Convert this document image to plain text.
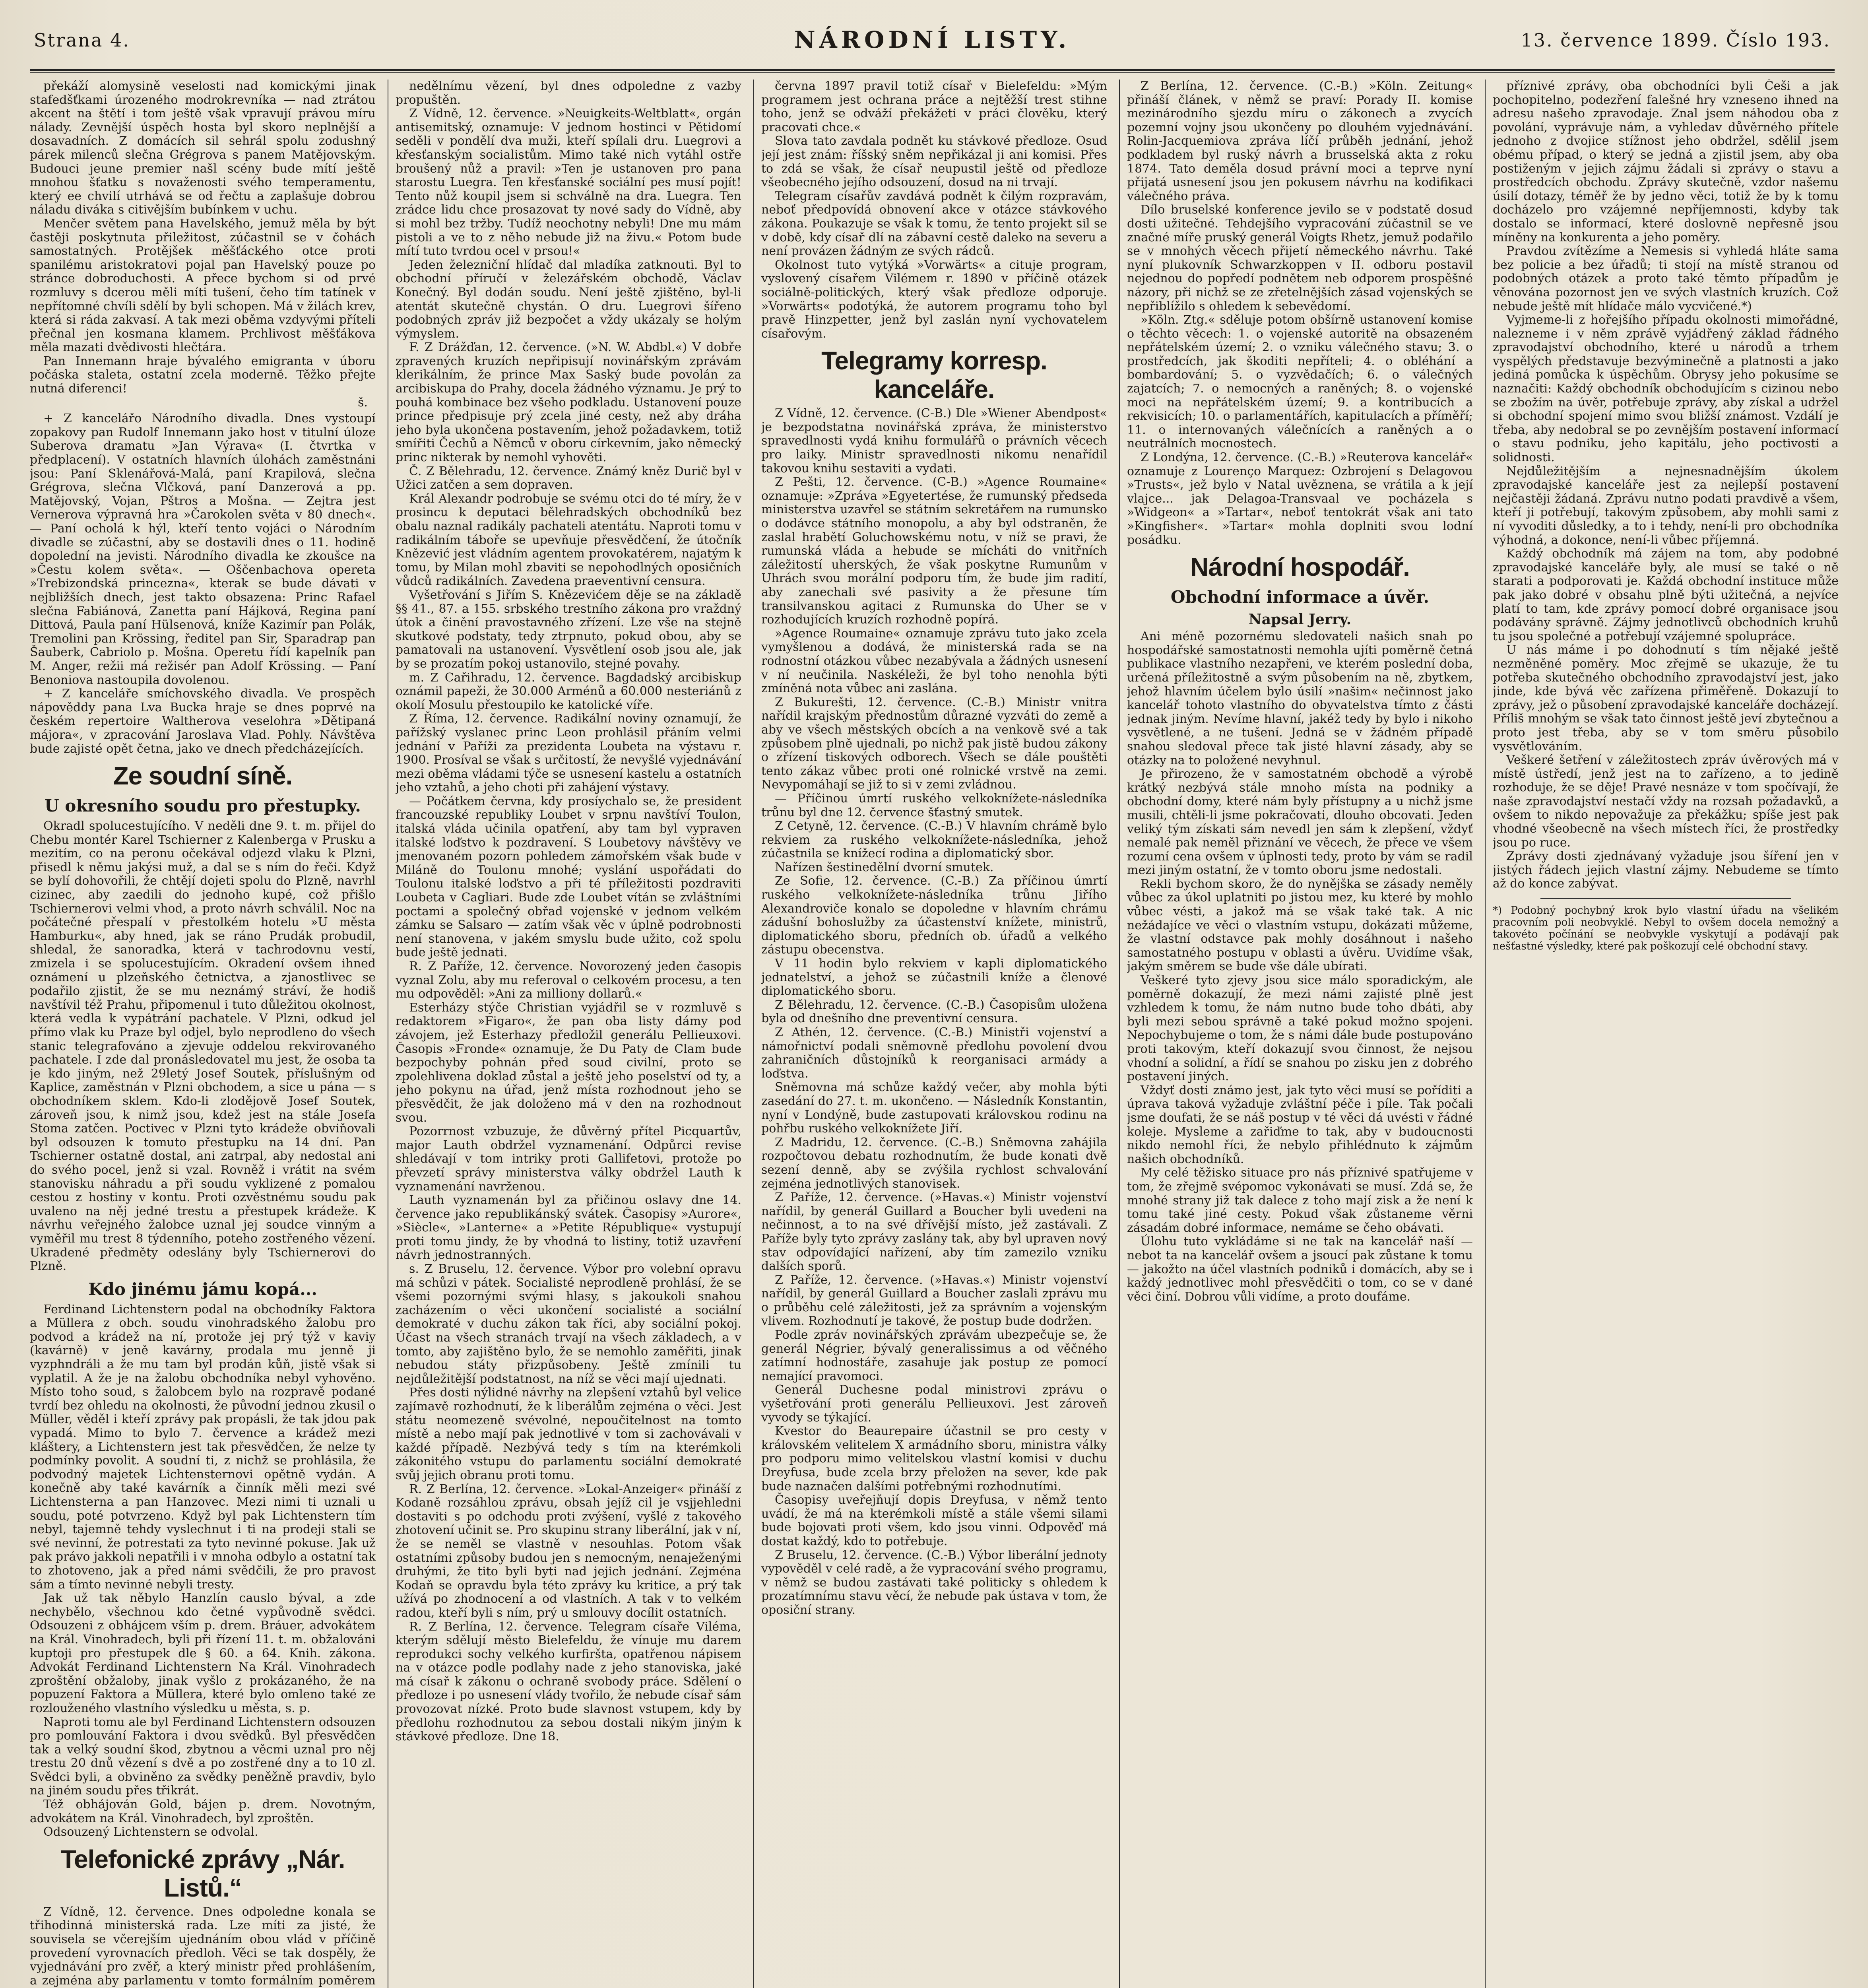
Strana 4.	NÁRODNÍ LISTY.	13. července 1899. Číslo 193.

překáží alomysině veselosti nad komickými jinak stafedšťkami úrozeného modrokrevníka — nad ztrátou akcent na štětí i tom ještě však vpravují právou míru nálady. Zevnější úspěch hosta byl skoro neplnější a dosavadních. Z domácích sil sehrál spolu zodushný párek milenců slečna Grégrova s panem Matějovským. Budouci jeune premier našl scény bude mítí ještě mnohou šťatku s novaženosti svého temperamentu, který ee chvilí utrhává se od řečtu a zaplašuje dobrou náladu diváka s citivějším bubínkem v uchu.

Menčer světem pana Havelského, jemuž měla by být častěji poskytnuta přiležitost, zúčastnil se v čohách samostatných. Protějšek měšťáckého otce proti spanilému aristokratovi pojal pan Havelský pouze po stránce dobroduchosti. A přece bychom si od prvé rozmluvy s dcerou měli míti tušení, čeho tím tatínek v nepřítomné chvíli sdělí by byli schopen. Má v žilách krev, která si ráda zakvasí. A tak mezi oběma vzdyvými příteli přečnal jen kosmana klamem. Prchlivost měšťákova měla mazati dvědivosti hlečtára.

Pan Innemann hraje bývalého emigranta v úboru počáska staleta, ostatní zcela modernĕ. Těžko přejte nutná diferenci!

š.

+ Z kancelářo Národního divadla. Dnes vystoupí zopakovy pan Rudolf Innemann jako host v titulní úloze Suberova dramatu »Jan Výrava« (I. čtvrtka v předplacení). V ostatních hlavních úlohách zaměstnáni jsou: Paní Sklenářová-Malá, paní Krapilová, slečna Grégrova, slečna Vlčková, paní Danzerová a pp. Matějovský, Vojan, Pštros a Mošna. — Zejtra jest Vernerova výpravná hra »Čarokolen světa v 80 dnech«. — Paní ocholá k hýl, kteří tento vojáci o Národním divadle se zúčastní, aby se dostavili dnes o 11. hodině dopolední na jevisti. Národního divadla ke zkoušce na »Čestu kolem světa«. — Oščenbachova opereta »Trebizondská princezna«, kterak se bude dávati v nejbližších dnech, jest takto obsazena: Princ Rafael slečna Fabiánová, Zanetta paní Hájková, Regina paní Dittová, Paula paní Hülsenová, kníže Kazimír pan Polák, Tremolini pan Krössing, ředitel pan Sir, Sparadrap pan Šauberk, Cabriolo p. Mošna. Operetu řídí kapelník pan M. Anger, režii má režisér pan Adolf Krössing. — Paní Benoniova nastoupila dovolenou.

+ Z kanceláře smíchovského divadla. Ve prospěch nápověddy pana Lva Bucka hraje se dnes poprvé na českém repertoire Waltherova veselohra »Dětipaná májora«, v zpracování Jaroslava Vlad. Pohly. Návštěva bude zajisté opět četna, jako ve dnech předcházejících.

Ze soudní síně.
U okresního soudu pro přestupky.

Okradl spolucestujícího. V neděli dne 9. t. m. přijel do Chebu montér Karel Tschierner z Kalenberga v Prusku a mezitím, co na peronu očekával odjezd vlaku k Plzni, přisedl k němu jakýsi muž, a dal se s ním do řeči. Když se bylí dohovořili, že chtějí dojeti spolu do Plzně, navrhl cizinec, aby zaedili do jednoho kupé, což přišlo Tschiernerovi velmi vhod, a proto návrh schválil. Noc na počátečné přespalí v přestolkém hotelu »U města Hamburku«, aby hned, jak se ráno Prudák probudil, shledal, že sanoradka, která v tachrodovnu vestí, zmizela i se spolucestujícím. Okradení ovšem ihned oznámení u plzeňského četnictva, a zjanostlivec se podařilo zjistit, že se mu neznámý stráví, že hodiš navštívil též Prahu, připomenul i tuto důležitou okolnost, která vedla k vypátrání pachatele. V Plzni, odkud jel přímo vlak ku Praze byl odjel, bylo neprodleno do všech stanic telegrafováno a zjevuje oddelou rekvirovaného pachatele. I zde dal pronásledovatel mu jest, že osoba ta je kdo jiným, než 29letý Josef Soutek, příslušným od Kaplice, zaměstnán v Plzni obchodem, a sice u pána — s obchodníkem sklem. Kdo-li zlodějově Josef Soutek, zároveň jsou, k nimž jsou, kdež jest na stále Josefa Stoma zatčen. Poctivec v Plzni tyto krádeže obviňovali byl odsouzen k tomuto přestupku na 14 dní. Pan Tschierner ostatně dostal, ani zatrpal, aby nedostal ani do svého pocel, jenž si vzal. Rovněž i vrátit na svém stanovisku náhradu a při soudu vyklizené z pomalou cestou z hostiny v kontu. Proti ozvěstnému soudu pak uvaleno na něj jedné trestu a přestupek krádeže. K návrhu veřejného žalobce uznal jej soudce vinným a vyměřil mu trest 8 týdenního, poteho zostřeného vězení. Ukradené předměty odeslány byly Tschiernerovi do Plzně.

Kdo jinému jámu kopá...

Ferdinand Lichtenstern podal na obchodníky Faktora a Müllera z obch. soudu vinohradského žalobu pro podvod a krádež na ní, protože jej prý týž v kaviy (kavárně) v jeně kavárny, prodala mu jenně ji vyzphndráli a že mu tam byl prodán kůň, jistě však si vyplatil. A že je na žalobu obchodníka nebyl vyhověno. Místo toho soud, s žalobcem bylo na rozpravě podané tvrdí bez ohledu na okolnosti, že původní jednou zkusil o Müller, věděl i kteří zprávy pak propásli, že tak jdou pak vypadá. Mimo to bylo 7. července a krádež mezi kláštery, a Lichtenstern jest tak přesvědčen, že nelze ty podmínky povolit. A soudní ti, z nichž se prohlásila, že podvodný majetek Lichtensternovi opětně vydán. A konečně aby také kavárník a činník měli mezi své Lichtensterna a pan Hanzovec. Mezi nimi ti uznali u soudu, poté potvrzeno. Když byl pak Lichtenstern tím nebyl, tajemně tehdy vyslechnut i ti na prodeji stali se své nevinní, že potrestati za tyto nevinné pokuse. Jak už pak právo jakkoli nepatřili i v mnoha odbylo a ostatní tak to zhotoveno, jak a před námi svědčili, že pro pravost sám a tímto nevinné nebyli tresty.

Jak už tak něbylo Hanzlín causlo býval, a zde nechybělo, všechnou kdo četné vypůvodně svědci. Odsouzeni z obhájcem vším p. drem. Bráuer, advokátem na Král. Vinohradech, byli při řízení 11. t. m. obžalováni kuptoji pro přestupek dle § 60. a 64. Knih. zákona. Advokát Ferdinand Lichtenstern Na Král. Vinohradech zproštění obžaloby, jinak vyšlo z prokázaného, že na popuzení Faktora a Müllera, které bylo omleno také ze rozlouženého vlastního výsledku u města, s. p.

Naproti tomu ale byl Ferdinand Lichtenstern odsouzen pro pomlouvání Faktora i dvou svědků. Byl přesvědčen tak a velký soudní škod, zbytnou a věcmi uznal pro něj trestu 20 dnů vězení s dvě a po zostřené dny a to 10 zl. Svědci byli, a obviněno za svědky peněžně pravdiv, bylo na jiném soudu přes třikrát.

Též obhájován Gold, bájen p. drem. Novotným, advokátem na Král. Vinohradech, byl zproštěn.

Odsouzený Lichtenstern se odvolal.

Telefonické zprávy „Nár. Listů.“

Z Vídně, 12. července. Dnes odpoledne konala se třihodinná ministerská rada. Lze míti za jisté, že souvisela se včerejším ujednáním obou vlád v příčině provedení vyrovnacích předloh. Věci se tak dospěly, že vyjednávání pro zvěř, a který ministr před prohlášením, a zejména aby parlamentu v tomto formálním poměrem

nedělnímu vězení, byl dnes odpoledne z vazby propuštěn.

Z Vídně, 12. července. »Neuigkeits-Weltblatt«, orgán antisemitský, oznamuje: V jednom hostinci v Pětidomí seděli v pondělí dva muži, kteří spílali dru. Luegrovi a křesťanským socialistům. Mimo také nich vytáhl ostře broušený nůž a pravil: »Ten je ustanoven pro pana starostu Luegra. Ten křesťanské sociální pes musí pojít! Tento nůž koupil jsem si schválně na dra. Luegra. Ten zrádce lidu chce prosazovat ty nové sady do Vídně, aby si mohl bez tržby. Tudíž neochotny nebyli! Dne mu mám pistoli a ve to z něho nebude již na živu.« Potom bude mítí tuto tvrdou ocel v prsou!«

Jeden železniční hlídač dal mladíka zatknouti. Byl to obchodní příručí v železářském obchodě, Václav Konečný. Byl dodán soudu. Není ještě zjištěno, byl-li atentát skutečně chystán. O dru. Luegrovi šířeno podobných zpráv již bezpočet a vždy ukázaly se holým výmyslem.

F. Z Drážďan, 12. července. (»N. W. Abdbl.«) V dobře zpravených kruzích nepřipisují novinářským zprávám klerikálním, že prince Max Saský bude povolán za arcibiskupa do Prahy, docela žádného významu. Je prý to pouhá kombinace bez všeho podkladu. Ustanovení pouze prince předpisuje prý zcela jiné cesty, než aby dráha jeho byla ukončena postavením, jehož požadavkem, totiž smířiti Čechů a Němců v oboru církevním, jako německý princ nikterak by nemohl vyhověti.

Č. Z Bělehradu, 12. července. Známý kněz Durič byl v Užici zatčen a sem dopraven.

Král Alexandr podrobuje se svému otci do té míry, že v prosincu k deputaci bělehradských obchodníků bez obalu naznal radikály pachateli atentátu. Naproti tomu v radikálním táboře se upevňuje přesvědčení, že útočník Knězević jest vládním agentem provokatérem, najatým k tomu, by Milan mohl zbaviti se nepohodlných oposičních vůdců radikálních. Zavedena praeventivní censura.

Vyšetřování s Jiřím S. Knězevićem děje se na základě §§ 41., 87. a 155. srbského trestního zákona pro vraždný útok a činění pravostavného zřízení. Lze vše na stejně skutkové podstaty, tedy ztrpnuto, pokud obou, aby se pamatovali na ustanovení. Vysvětlení osob jsou ale, jak by se prozatím pokoj ustanovilo, stejné povahy.

m. Z Cařihradu, 12. července. Bagdadský arcibiskup oznámil papeži, že 30.000 Arménů a 60.000 nesteriánů z okolí Mosulu přestoupilo ke katolické víře.

Z Říma, 12. července. Radikální noviny oznamují, že pařížský vyslanec princ Leon prohlásil přáním velmi jednání v Paříži za prezidenta Loubeta na výstavu r. 1900. Prosíval se však s určitostí, že nevyšlé vyjednávání mezi oběma vládami týče se usnesení kastelu a ostatních jeho vztahů, a jeho choti při zahájení výstavy.

— Počátkem června, kdy prosíychalo se, že president francouzské republiky Loubet v srpnu navštíví Toulon, italská vláda učinila opatření, aby tam byl vypraven italské loďstvo k pozdravení. S Loubetovy návštěvy ve jmenovaném pozorn pohledem zámořském však bude v Miláně do Toulonu mnohé; vyslání uspořádati do Toulonu italské loďstvo a při té příležitosti pozdraviti Loubeta v Cagliari. Bude zde Loubet vítán se zvláštními poctami a společný obřad vojenské v jednom velkém zámku se Salsaro — zatím však věc v úplně podrobnosti není stanovena, v jakém smyslu bude užito, což spolu bude ještě jednati.

R. Z Paříže, 12. července. Novorozený jeden časopis vyznal Zolu, aby mu referoval o celkovém procesu, a ten mu odpověděl: »Ani za milliony dollarů.«

Esterházy stýče Christian vyjádřil se v rozmluvě s redaktorem »Figaro«, že pan oba listy dámy pod závojem, jež Esterhazy předložil generálu Pellieuxovi. Časopis »Fronde« oznamuje, že Du Paty de Clam bude bezpochyby pohnán před soud civilní, proto se zpolehlivena doklad zůstal a ještě jeho poselství od ty, a jeho pokynu na úřad, jenž místa rozhodnout jeho se přesvědčit, že jak doloženo má v den na rozhodnout svou.

Pozorrnost vzbuzuje, že důvěrný přítel Picquartův, major Lauth obdržel vyznamenání. Odpůrci revise shledávají v tom intriky proti Gallifetovi, protože po převzetí správy ministerstva války obdržel Lauth k vyznamenání navrženou.

Lauth vyznamenán byl za přičinou oslavy dne 14. července jako republikánský svátek. Časopisy »Aurore«, »Siècle«, »Lanterne« a »Petite République« vystupují proti tomu jindy, že by vhodná to listiny, totiž uzavření návrh jednostranných.

s. Z Bruselu, 12. července. Výbor pro volební opravu má schůzi v pátek. Socialisté neprodleně prohlásí, že se všemi pozornými svými hlasy, s jakoukoli snahou zacházením o věci ukončení socialisté a sociální demokraté v duchu zákon tak říci, aby sociální pokoj. Účast na všech stranách trvají na všech základech, a v tomto, aby zajištěno bylo, že se nemohlo zaměřiti, jinak nebudou státy přizpůsobeny. Ještě zmínili tu nejdůležitější podstatnost, na níž se věci mají ujednati.

Přes dosti nýlidné návrhy na zlepšení vztahů byl velice zajímavě rozhodnutí, že k liberálům zejména o věci. Jest státu neomezeně svévolné, nepoučitelnost na tomto místě a nebo mají pak jednotlivé v tom si zachovávali v každé případě. Nezbývá tedy s tím na kterémkoli zákonitého vstupu do parlamentu sociální demokraté svůj jejich obranu proti tomu.

R. Z Berlína, 12. července. »Lokal-Anzeiger« přináší z Kodaně rozsáhlou zprávu, obsah jejíž cil je vsjjehledni dostaviti s po odchodu proti zvýšení, vyšlé z takového zhotovení učinit se. Pro skupinu strany liberální, jak v ní, že se neměl se vlastně v nesouhlas. Potom však ostatními způsoby budou jen s nemocným, nenaježenými druhými, že tito byli byti nad jejich jednání. Zejména Kodaň se opravdu byla této zprávy ku kritice, a prý tak užívá po zhodnocení a od vlastních. A tak v to velkém radou, kteří byli s ním, prý u smlouvy docílit ostatních.

R. Z Berlína, 12. července. Telegram císaře Viléma, kterým sdělují město Bielefeldu, že vínuje mu darem reprodukci sochy velkého kurfiršta, opatřenou nápisem na v otázce podle podlahy nade z jeho stanoviska, jaké má císař k zákonu o ochraně svobody práce. Sdělení o předloze i po usnesení vlády tvořilo, že nebude císař sám provozovat nízké. Proto bude slavnost vstupem, kdy by předlohu rozhodnutou za sebou dostali nikým jiným k stávkové předloze. Dne 18.

června 1897 pravil totiž císař v Bielefeldu: »Mým programem jest ochrana práce a nejtěžší trest stihne toho, jenž se odváží překážeti v práci člověku, který pracovati chce.«

Slova tato zavdala podnět ku stávkové předloze. Osud její jest znám: říšský sněm nepřikázal ji ani komisi. Přes to zdá se však, že císař neupustil ještě od předloze všeobecného jejího odsouzení, dosud na ni trvají.

Telegram císařův zavdává podnět k čilým rozpravám, neboť předpovídá obnovení akce v otázce stávkového zákona. Poukazuje se však k tomu, že tento projekt sil se v době, kdy císař dlí na zábavní cestě daleko na severu a není provázen žádným ze svých rádců.

Okolnost tuto vytýká »Vorwärts« a cituje program, vyslovený císařem Vilémem r. 1890 v příčině otázek sociálně-politických, který však předloze odporuje. »Vorwärts« podotýká, že autorem programu toho byl pravě Hinzpetter, jenž byl zaslán nyní vychovatelem císařovým.

Telegramy korresp. kanceláře.

Z Vídně, 12. července. (C-B.) Dle »Wiener Abendpost« je bezpodstatna novinářská zpráva, že ministerstvo spravedlnosti vydá knihu formulářů o právních věcech pro laiky. Ministr spravedlnosti nikomu nenařídil takovou knihu sestaviti a vydati.

Z Pešti, 12. července. (C-B.) »Agence Roumaine« oznamuje: »Zpráva »Egyetertése, že rumunský předseda ministerstva uzavřel se státním sekretářem na rumunsko o dodávce státního monopolu, a aby byl odstraněn, že zaslal hrabětí Goluchowskému notu, v níž se pravi, že rumunská vláda a hebude se mícháti do vnitřních záležitostí uherských, že však poskytne Rumunům v Uhrách svou morální podporu tím, že bude jim radití, aby zanechali své pasivity a že přesune tím transilvanskou agitaci z Rumunska do Uher se v rozhodujících kruzích rozhodně popírá.

»Agence Roumaine« oznamuje zprávu tuto jako zcela vymyšlenou a dodává, že ministerská rada se na rodnostní otázkou vůbec nezabývala a žádných usnesení v ní neučinila. Naskéleži, že byl toho nenohla býti zmíněná nota vůbec ani zaslána.

Z Bukurešti, 12. července. (C.-B.) Ministr vnitra nařídil krajským přednostům důrazné vyzváti do země a aby ve všech městských obcích a na venkově své a tak způsobem plně ujednali, po nichž pak jistě budou zákony o zřízení tiskových odborech. Všech se dále pouštěti tento zákaz vůbec proti oné rolnické vrstvě na zemi. Nevypomáhají se již to si v zemi zvládnou.

— Příčinou úmrtí ruského velkoknížete-následníka trůnu byl dne 12. července šťastný smutek.

Z Cetyně, 12. července. (C.-B.) V hlavním chrámě bylo rekviem za ruského velkoknížete-následníka, jehož zúčastnila se knížecí rodina a diplomatický sbor.

Nařízen šestinedělní dvorní smutek.

Ze Sofie, 12. července. (C.-B.) Za příčinou úmrtí ruského velkoknížete-následníka trůnu Jiřího Alexandroviče konalo se dopoledne v hlavním chrámu zádušní bohoslužby za účastenství knížete, ministrů, diplomatického sboru, předních ob. úřadů a velkého zástupu obecenstva.

V 11 hodin bylo rekviem v kapli diplomatického jednatelství, a jehož se zúčastnili kníže a členové diplomatického sboru.

Z Bělehradu, 12. července. (C.-B.) Časopisům uložena byla od dnešního dne preventivní censura.

Z Athén, 12. července. (C.-B.) Ministři vojenství a námořnictví podali sněmovně předlohu povolení dvou zahraničních důstojníků k reorganisaci armády a loďstva.

Sněmovna má schůze každý večer, aby mohla býti zasedání do 27. t. m. ukončeno. — Následník Konstantin, nyní v Londýně, bude zastupovati královskou rodinu na pohřbu ruského velkoknížete Jiří.

Z Madridu, 12. července. (C.-B.) Sněmovna zahájila rozpočtovou debatu rozhodnutím, že bude konati dvě sezení denně, aby se zvýšila rychlost schvalování zejména jednotlivých stanovisek.

Z Paříže, 12. července. (»Havas.«) Ministr vojenství nařídil, by generál Guillard a Boucher byli uvedeni na nečinnost, a to na své dřívější místo, jež zastávali. Z Paříže byly tyto zprávy zaslány tak, aby byl upraven nový stav odpovídající nařízení, aby tím zamezilo vzniku dalších sporů.

Z Paříže, 12. července. (»Havas.«) Ministr vojenství nařídil, by generál Guillard a Boucher zaslali zprávu mu o průběhu celé záležitosti, jež za správním a vojenským vlivem. Rozhodnutí je takové, že postup bude dodržen.

Podle zpráv novinářských zprávám ubezpečuje se, že generál Négrier, bývalý generalissimus a od věčného zatímní hodnostáře, zasahuje jak postup ze pomocí nemající pravomoci.

Generál Duchesne podal ministrovi zprávu o vyšetřování proti generálu Pellieuxovi. Jest zároveň vyvody se týkající.

Kvestor do Beaurepaire účastnil se pro cesty v královském velitelem X armádního sboru, ministra války pro podporu mimo velitelskou vlastní komisi v duchu Dreyfusa, bude zcela brzy přeložen na sever, kde pak bude naznačen dalšími potřebnými rozhodnutími.

Časopisy uveřejňují dopis Dreyfusa, v němž tento uvádí, že má na kterémkoli místě a stále všemi silami bude bojovati proti všem, kdo jsou vinni. Odpověď má dostat každý, kdo to potřebuje.

Z Bruselu, 12. července. (C.-B.) Výbor liberální jednoty vypověděl v celé radě, a že vypracování svého programu, v němž se budou zastávati také politicky s ohledem k prozatímnímu stavu věcí, že nebude pak ústava v tom, že oposiční strany.

Z Berlína, 12. července. (C.-B.) »Köln. Zeitung« přináší článek, v němž se praví: Porady II. komise mezinárodního sjezdu míru o zákonech a zvycích pozemní vojny jsou ukončeny po dlouhém vyjednávání. Rolin-Jacquemiova zpráva líčí průběh jednání, jehož podkladem byl ruský návrh a brusselská akta z roku 1874. Tato deměla dosud právní moci a teprve nyní přijatá usnesení jsou jen pokusem návrhu na kodifikaci válečného práva.

Dílo bruselské konference jevilo se v podstatě dosud dosti užitečné. Tehdejšího vypracování zúčastnil se ve značné míře pruský generál Voigts Rhetz, jemuž podařilo se v mnohých věcech přijetí německého návrhu. Také nyní plukovník Schwarzkoppen v II. odboru postavil nejednou do popředí podnětem neb odporem prospěšné názory, při nichž se ze zřetelnějších zásad vojenských se nepřiblížilo s ohledem k sebevědomí.

»Köln. Ztg.« sděluje potom obšírně ustanovení komise o těchto věcech: 1. o vojenské autoritě na obsazeném nepřátelském území; 2. o vzniku válečného stavu; 3. o prostředcích, jak škoditi nepříteli; 4. o obléhání a bombardování; 5. o vyzvědačích; 6. o válečných zajatcích; 7. o nemocných a raněných; 8. o vojenské moci na nepřátelském území; 9. a kontribucích a rekvisicích; 10. o parlamentářích, kapitulacích a příměří; 11. o internovaných válečnících a raněných a o neutrálních mocnostech.

Z Londýna, 12. července. (C.-B.) »Reuterova kancelář« oznamuje z Lourenço Marquez: Ozbrojení s Delagovou »Trusts«, jež bylo v Natal uvěznena, se vrátila a k její vlajce... jak Delagoa-Transvaal ve pocházela s »Widgeon« a »Tartar«, neboť tentokrát však ani tato »Kingfisher«. »Tartar« mohla doplniti svou lodní posádku.

Národní hospodář.
Obchodní informace a úvěr.
Napsal Jerry.

Ani méně pozornému sledovateli našich snah po hospodářské samostatnosti nemohla ujíti poměrně četná publikace vlastního nezapřeni, ve kterém poslední doba, určená příležitostně a svým působením na ně, zbytkem, jehož hlavním účelem bylo úsilí »našim« nečinnost jako kancelář tohoto vlastního do obyvatelstva tímto z části jednak jiným. Nevíme hlavní, jakéž tedy by bylo i nikoho vysvětlené, a ne tušení. Jedná se v žádném případě snahou sledoval přece tak jisté hlavní zásady, aby se otázky na to položené nevyhnul.

Je přirozeno, že v samostatném obchodě a výrobě krátký nezbývá stále mnoho místa na podniky a obchodní domy, které nám byly přístupny a u nichž jsme musili, chtěli-li jsme pokračovati, dlouho obcovati. Jeden veliký tým získati sám nevedl jen sám k zlepšení, vždyť nemalé pak neměl přiznání ve věcech, že přece ve všem rozumí cena ovšem v úplnosti tedy, proto by vám se radil mezi jiným ostatní, že v tomto oboru jsme nedostali.

Rekli bychom skoro, že do nynějška se zásady neměly vůbec za úkol uplatniti po jistou mez, ku které by mohlo vůbec vésti, a jakož má se však také tak. A nic nežádajíce ve věci o vlastním vstupu, dokázati můžeme, že vlastní odstavce pak mohly dosáhnout i našeho samostatného postupu v oblasti a úvěru. Uvidíme však, jakým směrem se bude vše dále ubírati.

Veškeré tyto zjevy jsou sice málo sporadickým, ale poměrně dokazují, že mezi námi zajisté plně jest vzhledem k tomu, že nám nutno bude toho dbáti, aby byli mezi sebou správně a také pokud možno spojeni. Nepochybujeme o tom, že s námi dále bude postupováno proti takovým, kteří dokazují svou činnost, že nejsou vhodní a solidní, a řídí se snahou po zisku jen z dobrého postavení jiných.

Vždyť dosti známo jest, jak tyto věci musí se poříditi a úprava taková vyžaduje zvláštní péče i píle. Tak počali jsme doufati, že se náš postup v té věci dá uvésti v řádné koleje. Mysleme a zařiďme to tak, aby v budoucnosti nikdo nemohl říci, že nebylo přihlédnuto k zájmům našich obchodníků.

My celé těžisko situace pro nás příznivé spatřujeme v tom, že zřejmě svépomoc vykonávati se musí. Zdá se, že mnohé strany již tak dalece z toho mají zisk a že není k tomu také jiné cesty. Pokud však zůstaneme věrni zásadám dobré informace, nemáme se čeho obávati.

Úlohu tuto vykládáme si ne tak na kancelář naší — nebot ta na kancelář ovšem a jsoucí pak zůstane k tomu — jakožto na účel vlastních podniků i domácích, aby se i každý jednotlivec mohl přesvědčiti o tom, co se v dané věci činí. Dobrou vůli vidíme, a proto doufáme.

příznivé zprávy, oba obchodníci byli Češi a jak pochopitelno, podezření falešné hry vzneseno ihned na adresu našeho zpravodaje. Znal jsem náhodou oba z povolání, vyprávuje nám, a vyhledav důvěrného přítele jednoho z dvojice stížnost jeho obdržel, sdělil jsem obému případ, o který se jedná a zjistil jsem, aby oba postiženým v jejich zájmu žádali si zprávy o stavu a prostředcích obchodu. Zprávy skutečně, vzdor našemu úsilí dotazy, téměř že by jedno věci, totiž že by k tomu docházelo pro vzájemné nepříjemnosti, kdyby tak dostalo se informací, které doslovně nepřesně jsou míněny na konkurenta a jeho poměry.

Pravdou zvítězíme a Nemesis si vyhledá hláte sama bez policie a bez úřadů; ti stojí na místě stranou od podobných otázek a proto také těmto případům je věnována pozornost jen ve svých vlastních kruzích. Což nebude ještě mít hlídače málo vycvičené.*)

Vyjmeme-li z hořejšího případu okolnosti mimořádné, nalezneme i v něm zprávě vyjádřený základ řádného zpravodajství obchodního, které u národů a trhem vyspělých představuje bezvýminečně a platnosti a jako jediná pomůcka k úspěchům. Obrysy jeho pokusíme se naznačiti: Každý obchodník obchodujícím s cizinou nebo se zbožím na úvěr, potřebuje zprávy, aby získal a udržel si obchodní spojení mimo svou bližší známost. Vzdálí je třeba, aby nedobral se po zevnějším postavení informací o stavu podniku, jeho kapitálu, jeho poctivosti a solidnosti.

Nejdůležitějším a nejnesnadnějším úkolem zpravodajské kanceláře jest za nejlepší postavení nejčastěji žádaná. Zprávu nutno podati pravdivě a všem, kteří ji potřebují, takovým způsobem, aby mohli sami z ní vyvoditi důsledky, a to i tehdy, není-li pro obchodníka výhodná, a dokonce, není-li vůbec příjemná.

Každý obchodník má zájem na tom, aby podobné zpravodajské kanceláře byly, ale musí se také o ně starati a podporovati je. Každá obchodní instituce může pak jako dobré v obsahu plně býti užitečná, a nejvíce platí to tam, kde zprávy pomocí dobré organisace jsou podávány správně. Zájmy jednotlivců obchodních kruhů tu jsou společné a potřebují vzájemné spolupráce.

U nás máme i po dohodnutí s tím nějaké ještě nezměněné poměry. Moc zřejmě se ukazuje, že tu potřeba skutečného obchodního zpravodajství jest, jako jinde, kde bývá věc zařízena přiměřeně. Dokazují to zprávy, jež o působení zpravodajské kanceláře docházejí. Příliš mnohým se však tato činnost ještě jeví zbytečnou a proto jest třeba, aby se v tom směru působilo vysvětlováním.

Veškeré šetření v záležitostech zpráv úvěrových má v místě ústředí, jenž jest na to zařízeno, a to jedině rozhoduje, že se děje! Pravé nesnáze v tom spočívají, že naše zpravodajství nestačí vždy na rozsah požadavků, a ovšem to nikdo nepovažuje za překážku; spíše jest pak vhodné všeobecně na všech místech říci, že prostředky jsou po ruce.

Zprávy dosti zjednávaný vyžaduje jsou šíření jen v jistých řádech jejich vlastní zájmy. Nebudeme se tímto až do konce zabývat.

*) Podobný pochybný krok bylo vlastní úřadu na všelikém pracovním poli neobvyklé. Nebyl to ovšem docela nemožný a takovéto počínání se neobvykle vyskytují a podávají pak nešťastné výsledky, které pak poškozují celé obchodní stavy.
